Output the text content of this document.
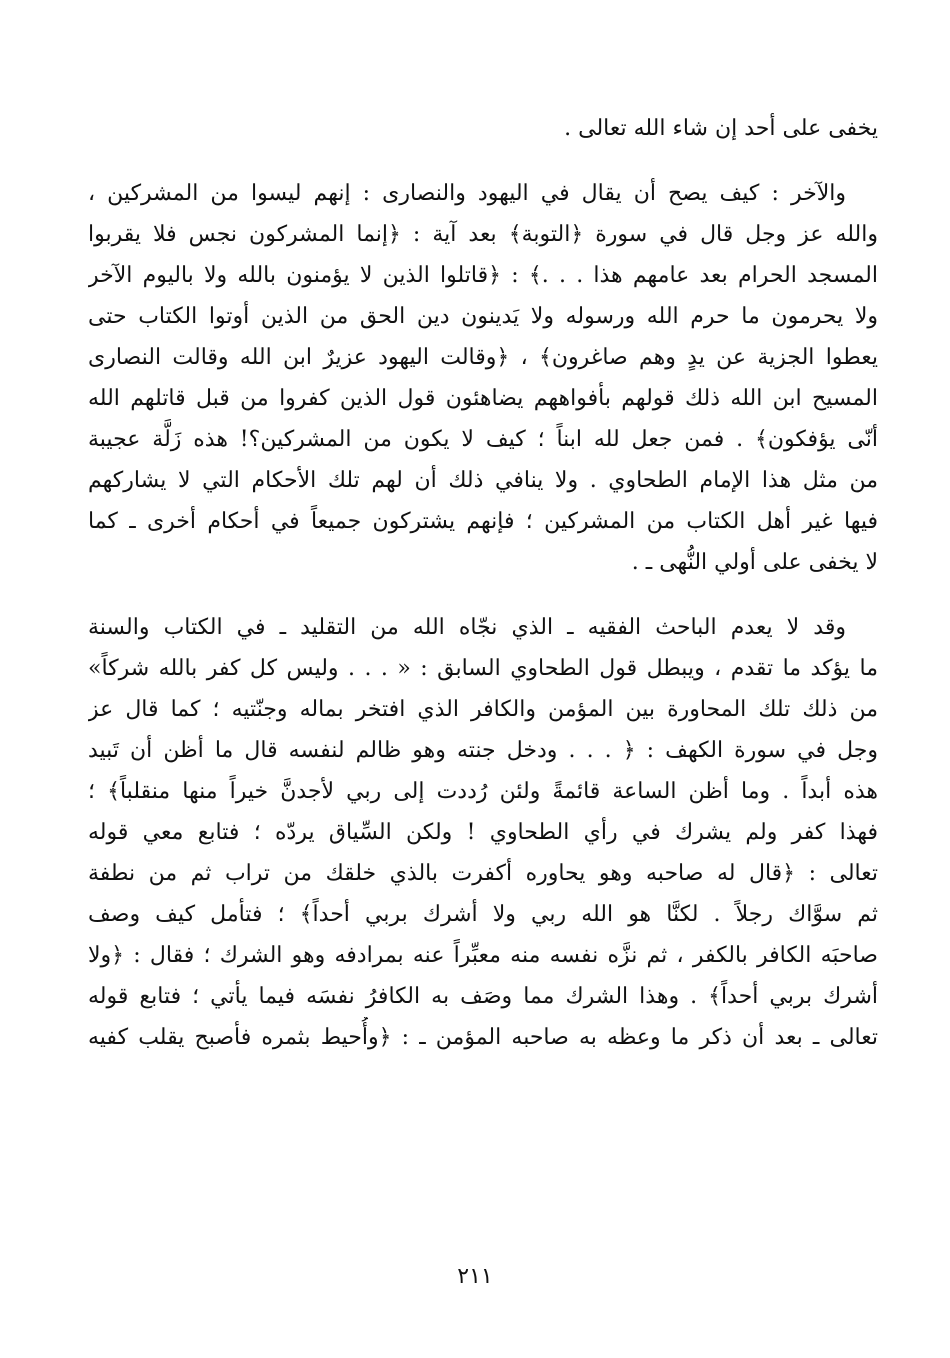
يخفى على أحد إن شاء الله تعالى .
والآخر : كيف يصح أن يقال في اليهود والنصارى : إنهم ليسوا من المشركين ،
والله عز وجل قال في سورة ﴿التوبة﴾ بعد آية : ﴿إنما المشركون نجس فلا يقربوا
المسجد الحرام بعد عامهم هذا . . .﴾ : ﴿قاتلوا الذين لا يؤمنون بالله ولا باليوم الآخر
ولا يحرمون ما حرم الله ورسوله ولا يَدينون دين الحق من الذين أوتوا الكتاب حتى
يعطوا الجزية عن يدٍ وهم صاغرون﴾ ، ﴿وقالت اليهود عزيرٌ ابن الله وقالت النصارى
المسيح ابن الله ذلك قولهم بأفواههم يضاهئون قول الذين كفروا من قبل قاتلهم الله
أنّى يؤفكون﴾ . فمن جعل لله ابناً ؛ كيف لا يكون من المشركين؟! هذه زَلَّة عجيبة
من مثل هذا الإمام الطحاوي . ولا ينافي ذلك أن لهم تلك الأحكام التي لا يشاركهم
فيها غير أهل الكتاب من المشركين ؛ فإنهم يشتركون جميعاً في أحكام أخرى ـ كما
لا يخفى على أولي النُّهى ـ .
وقد لا يعدم الباحث الفقيه ـ الذي نجّاه الله من التقليد ـ في الكتاب والسنة
ما يؤكد ما تقدم ، ويبطل قول الطحاوي السابق : « . . . وليس كل كفر بالله شركاً»
من ذلك تلك المحاورة بين المؤمن والكافر الذي افتخر بماله وجنّتيه ؛ كما قال عز
وجل في سورة الكهف : ﴿ . . . ودخل جنته وهو ظالم لنفسه قال ما أظن أن تَبيد
هذه أبداً . وما أظن الساعة قائمةً ولئن رُددت إلى ربي لأجدنَّ خيراً منها منقلباً﴾ ؛
فهذا كفر ولم يشرك في رأي الطحاوي ! ولكن السِّياق يردّه ؛ فتابع معي قوله
تعالى : ﴿قال له صاحبه وهو يحاوره أكفرت بالذي خلقك من تراب ثم من نطفة
ثم سوَّاك رجلاً . لكنَّا هو الله ربي ولا أشرك بربي أحداً﴾ ؛ فتأمل كيف وصف
صاحبَه الكافر بالكفر ، ثم نزَّه نفسه منه معبِّراً عنه بمرادفه وهو الشرك ؛ فقال : ﴿ولا
أشرك بربي أحداً﴾ . وهذا الشرك مما وصَف به الكافرُ نفسَه فيما يأتي ؛ فتابع قوله
تعالى ـ بعد أن ذكر ما وعظه به صاحبه المؤمن ـ : ﴿وأُحيط بثمره فأصبح يقلب كفيه
٢١١
